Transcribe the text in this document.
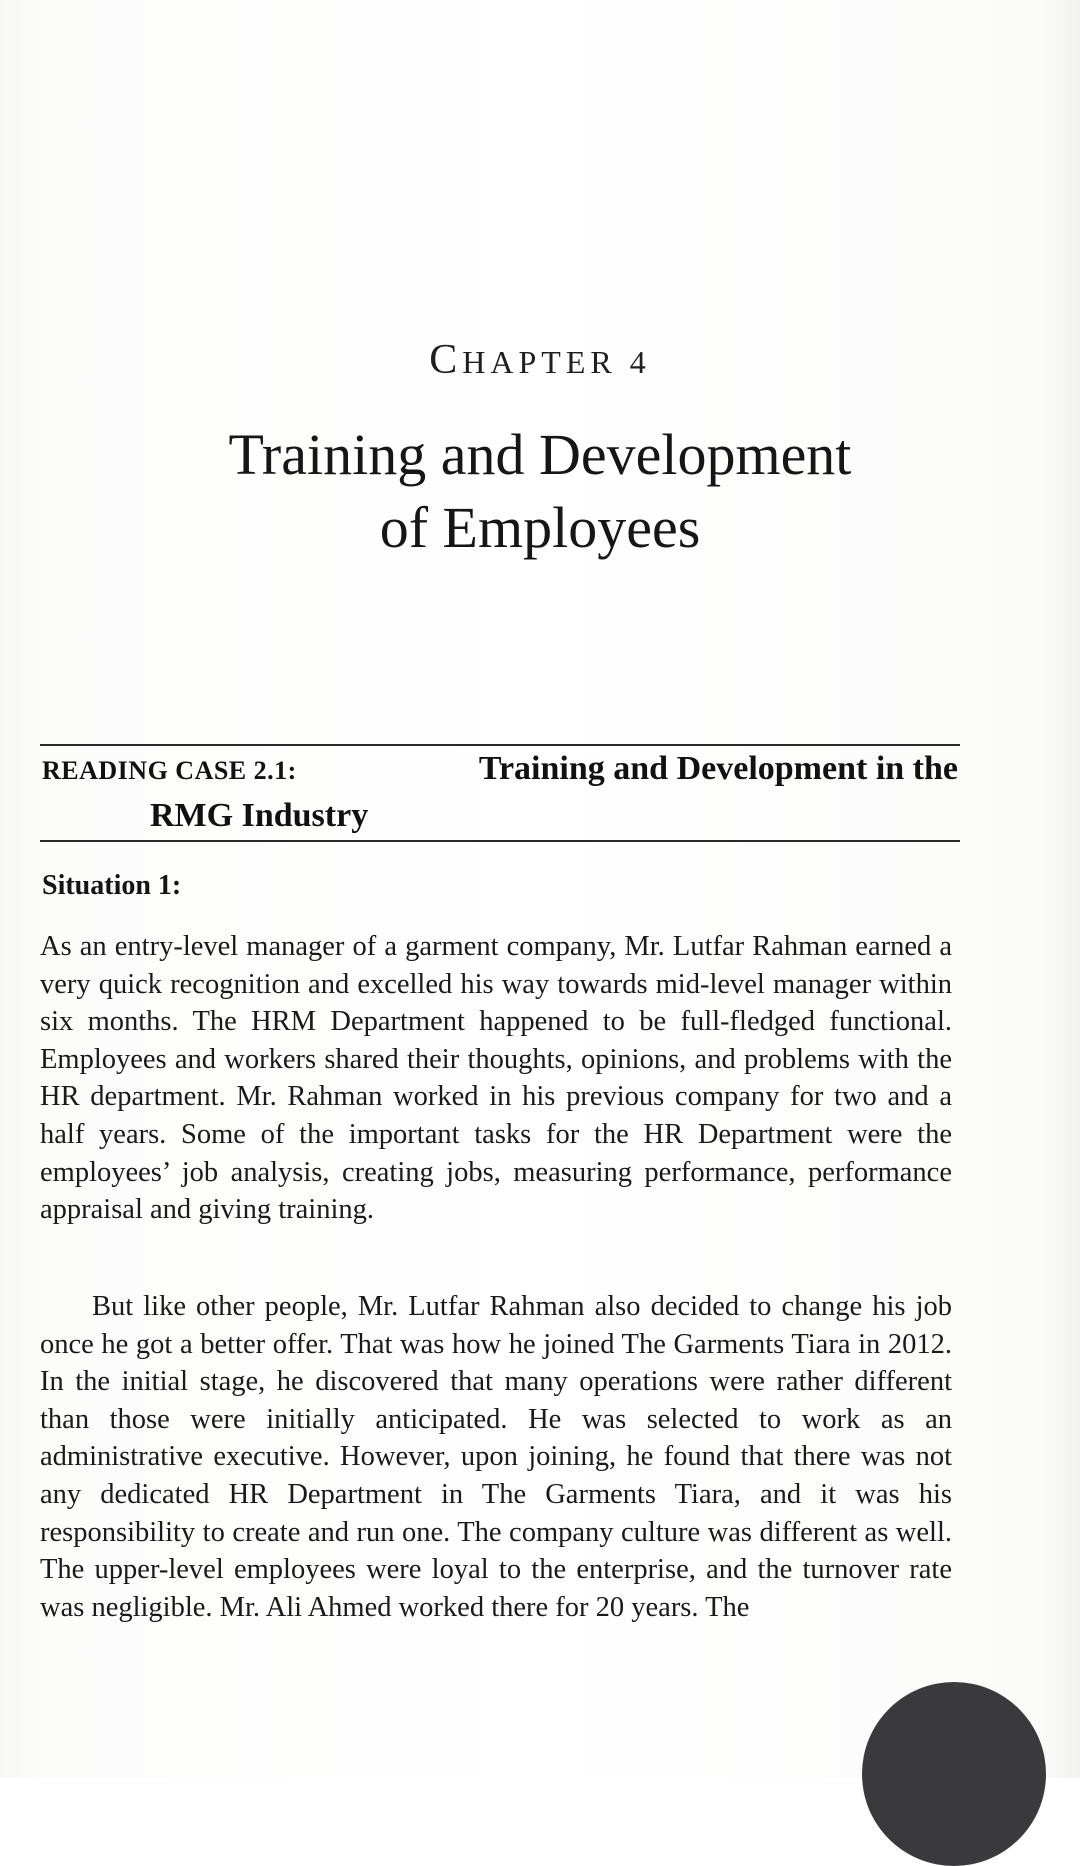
CHAPTER 4
Training and Development
of Employees
READING CASE 2.1:	Training and Development in the
RMG Industry
Situation 1:

As an entry-level manager of a garment company, Mr. Lutfar Rahman earned a very quick recognition and excelled his way towards mid-level manager within six months. The HRM Department happened to be full-fledged functional. Employees and workers shared their thoughts, opinions, and problems with the HR department. Mr. Rahman worked in his previous company for two and a half years. Some of the important tasks for the HR Department were the employees’ job analysis, creating jobs, measuring performance, performance appraisal and giving training.

But like other people, Mr. Lutfar Rahman also decided to change his job once he got a better offer. That was how he joined The Garments Tiara in 2012. In the initial stage, he discovered that many operations were rather different than those were initially anticipated. He was selected to work as an administrative executive. However, upon joining, he found that there was not any dedicated HR Department in The Garments Tiara, and it was his responsibility to create and run one. The company culture was different as well. The upper-level employees were loyal to the enterprise, and the turnover rate was negligible. Mr. Ali Ahmed worked there for 20 years. The
